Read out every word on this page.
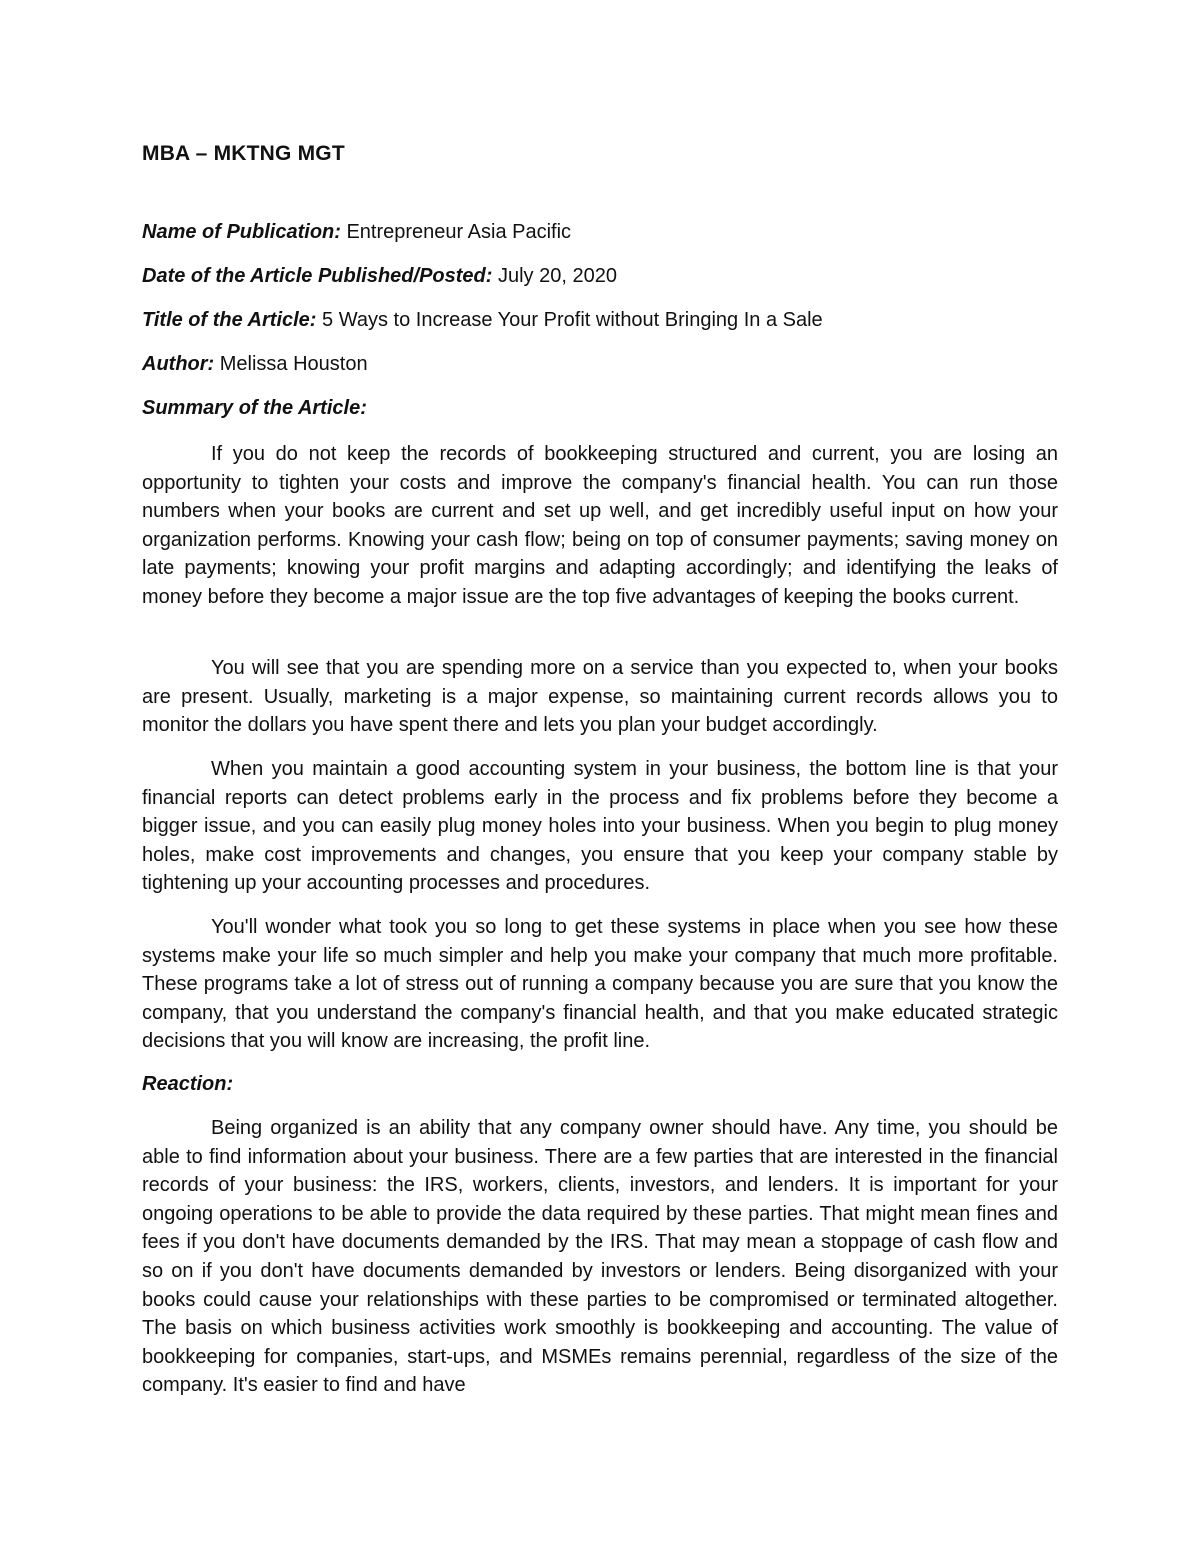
MBA – MKTNG MGT

Name of Publication: Entrepreneur Asia Pacific

Date of the Article Published/Posted: July 20, 2020

Title of the Article: 5 Ways to Increase Your Profit without Bringing In a Sale

Author: Melissa Houston

Summary of the Article:

If you do not keep the records of bookkeeping structured and current, you are losing an opportunity to tighten your costs and improve the company's financial health. You can run those numbers when your books are current and set up well, and get incredibly useful input on how your organization performs. Knowing your cash flow; being on top of consumer payments; saving money on late payments; knowing your profit margins and adapting accordingly; and identifying the leaks of money before they become a major issue are the top five advantages of keeping the books current.

You will see that you are spending more on a service than you expected to, when your books are present. Usually, marketing is a major expense, so maintaining current records allows you to monitor the dollars you have spent there and lets you plan your budget accordingly.

When you maintain a good accounting system in your business, the bottom line is that your financial reports can detect problems early in the process and fix problems before they become a bigger issue, and you can easily plug money holes into your business. When you begin to plug money holes, make cost improvements and changes, you ensure that you keep your company stable by tightening up your accounting processes and procedures.

You'll wonder what took you so long to get these systems in place when you see how these systems make your life so much simpler and help you make your company that much more profitable. These programs take a lot of stress out of running a company because you are sure that you know the company, that you understand the company's financial health, and that you make educated strategic decisions that you will know are increasing, the profit line.

Reaction:

Being organized is an ability that any company owner should have. Any time, you should be able to find information about your business. There are a few parties that are interested in the financial records of your business: the IRS, workers, clients, investors, and lenders. It is important for your ongoing operations to be able to provide the data required by these parties. That might mean fines and fees if you don't have documents demanded by the IRS. That may mean a stoppage of cash flow and so on if you don't have documents demanded by investors or lenders. Being disorganized with your books could cause your relationships with these parties to be compromised or terminated altogether. The basis on which business activities work smoothly is bookkeeping and accounting. The value of bookkeeping for companies, start-ups, and MSMEs remains perennial, regardless of the size of the company. It's easier to find and have
